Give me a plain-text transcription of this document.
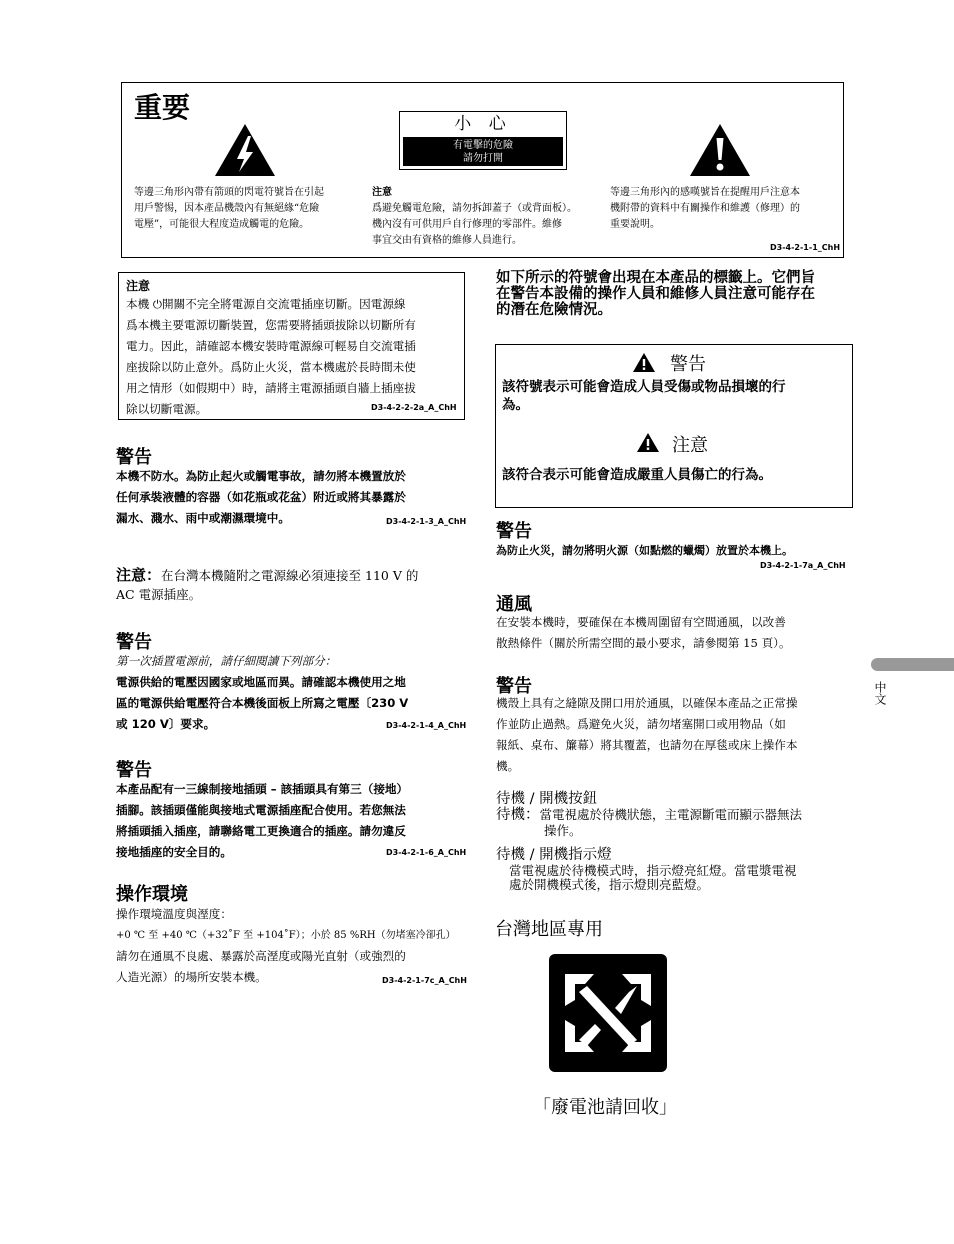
重要	小 心
有電擊的危險
請勿打開
等邊三角形內帶有箭頭的閃電符號旨在引起
用戶警惕，因本產品機殼內有無絕緣“危險
電壓”，可能很大程度造成觸電的危險。
注意
爲避免觸電危險，請勿拆卸蓋子（或背面板）。
機內沒有可供用戶自行修理的零部件。維修
事宜交由有資格的維修人員進行。
等邊三角形內的感嘆號旨在提醒用戶注意本
機附帶的資料中有關操作和維護（修理）的
重要說明。
D3-4-2-1-1_ChH
注意
本機 ⏻開關不完全將電源自交流電插座切斷。因電源線
爲本機主要電源切斷裝置，您需要將插頭拔除以切斷所有
電力。因此，請確認本機安裝時電源線可輕易自交流電插
座拔除以防止意外。爲防止火災，當本機處於長時間未使
用之情形（如假期中）時，請將主電源插頭自牆上插座拔
除以切斷電源。	D3-4-2-2-2a_A_ChH
警告
本機不防水。為防止起火或觸電事故，請勿將本機置放於
任何承裝液體的容器（如花瓶或花盆）附近或將其暴露於
漏水、濺水、雨中或潮濕環境中。	D3-4-2-1-3_A_ChH
注意：在台灣本機隨附之電源線必須連接至 110 V 的
AC 電源插座。
警告
第一次插置電源前，請仔細閱讀下列部分：
電源供給的電壓因國家或地區而異。請確認本機使用之地
區的電源供給電壓符合本機後面板上所寫之電壓〔230 V
或 120 V〕要求。	D3-4-2-1-4_A_ChH
警告
本產品配有一三線制接地插頭 – 該插頭具有第三（接地）
插腳。該插頭僅能與接地式電源插座配合使用。若您無法
將插頭插入插座，請聯絡電工更換適合的插座。請勿違反
接地插座的安全目的。	D3-4-2-1-6_A_ChH
操作環境
操作環境溫度與溼度：
+0 ℃ 至 +40 ℃（+32˚F 至 +104˚F）；小於 85 %RH（勿堵塞冷卻孔）
請勿在通風不良處、暴露於高溼度或陽光直射（或強烈的
人造光源）的場所安裝本機。	D3-4-2-1-7c_A_ChH
如下所示的符號會出現在本產品的標籤上。它們旨
在警告本設備的操作人員和維修人員注意可能存在
的潛在危險情況。
警告
該符號表示可能會造成人員受傷或物品損壞的行
為。
注意
該符合表示可能會造成嚴重人員傷亡的行為。
警告
為防止火災，請勿將明火源（如點燃的蠟燭）放置於本機上。
D3-4-2-1-7a_A_ChH
通風
在安裝本機時，要確保在本機周圍留有空間通風，以改善
散熱條件（關於所需空間的最小要求，請參閱第 15 頁）。
警告
機殼上具有之縫隙及開口用於通風，以確保本產品之正常操
作並防止過熱。爲避免火災，請勿堵塞開口或用物品（如
報紙、桌布、簾幕）將其覆蓋，也請勿在厚毯或床上操作本
機。
待機 / 開機按鈕
待機：當電視處於待機狀態，主電源斷電而顯示器無法
操作。
待機 / 開機指示燈
當電視處於待機模式時，指示燈亮紅燈。當電漿電視
處於開機模式後，指示燈則亮藍燈。
台灣地區專用
「廢電池請回收」
中文
